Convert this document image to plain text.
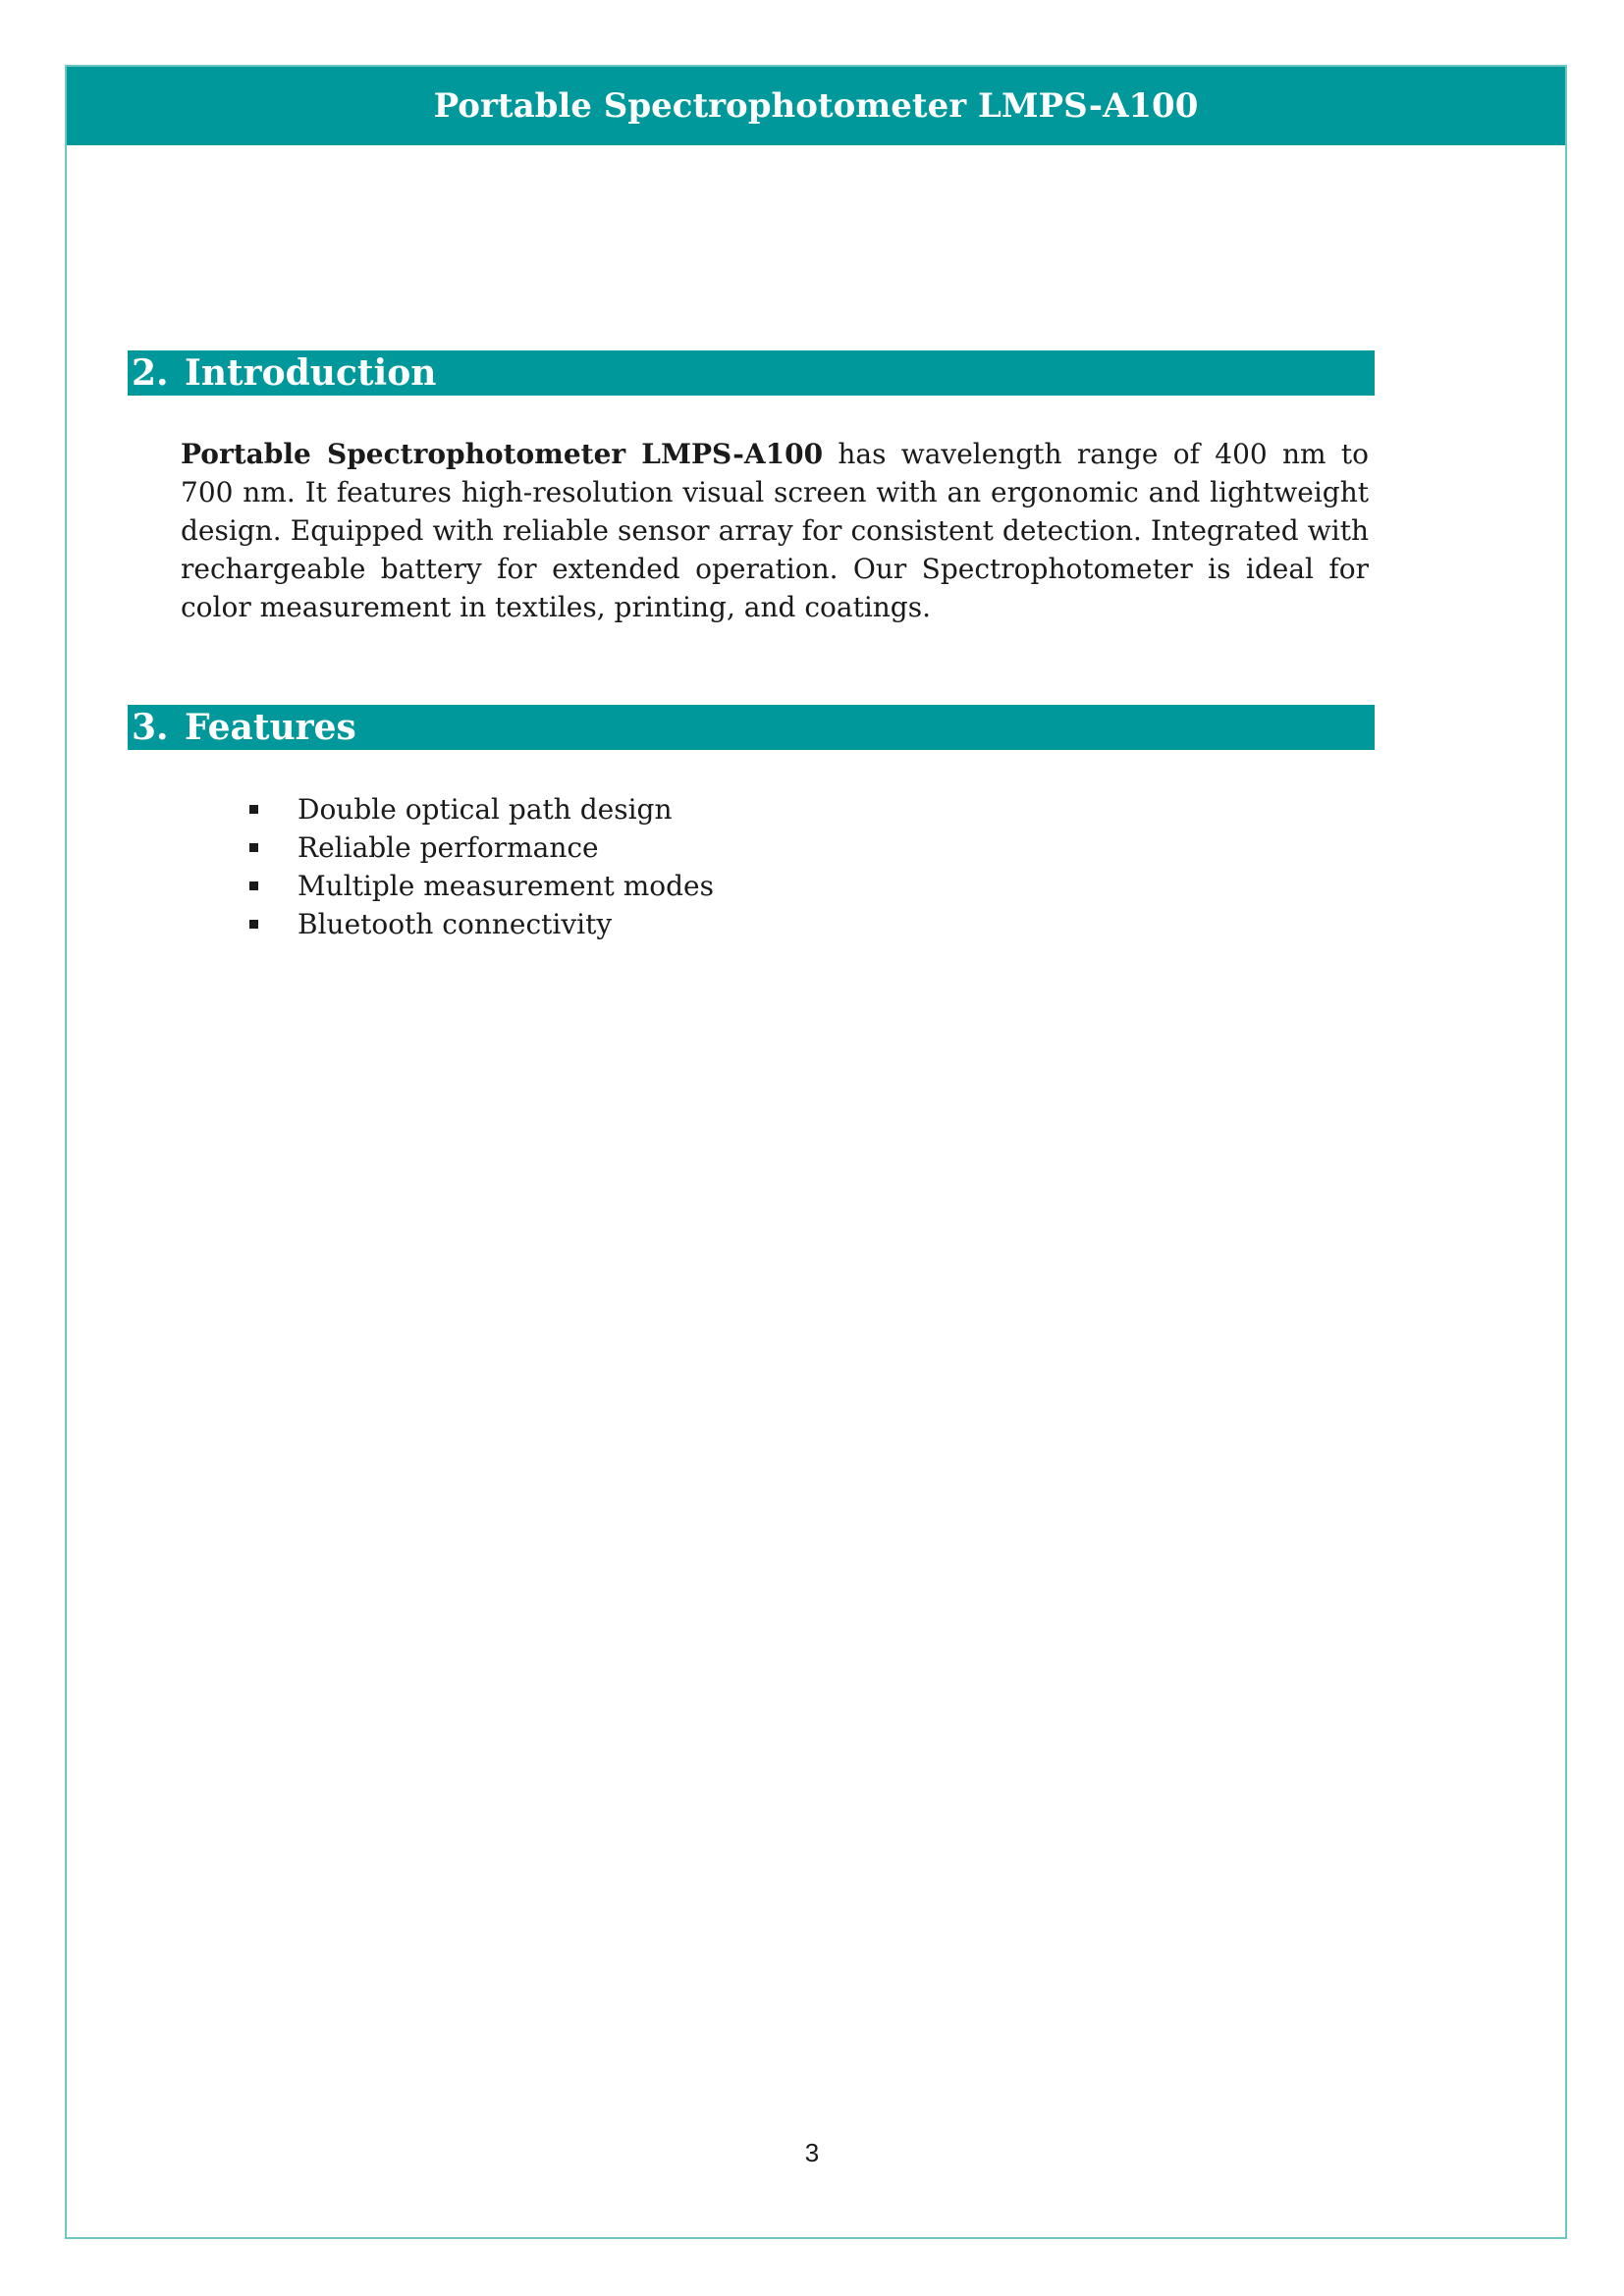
Portable Spectrophotometer LMPS-A100
2. Introduction
Portable Spectrophotometer LMPS-A100 has wavelength range of 400 nm to 700 nm. It features high-resolution visual screen with an ergonomic and lightweight design. Equipped with reliable sensor array for consistent detection. Integrated with rechargeable battery for extended operation. Our Spectrophotometer is ideal for color measurement in textiles, printing, and coatings.
3. Features
Double optical path design
Reliable performance
Multiple measurement modes
Bluetooth connectivity
3
